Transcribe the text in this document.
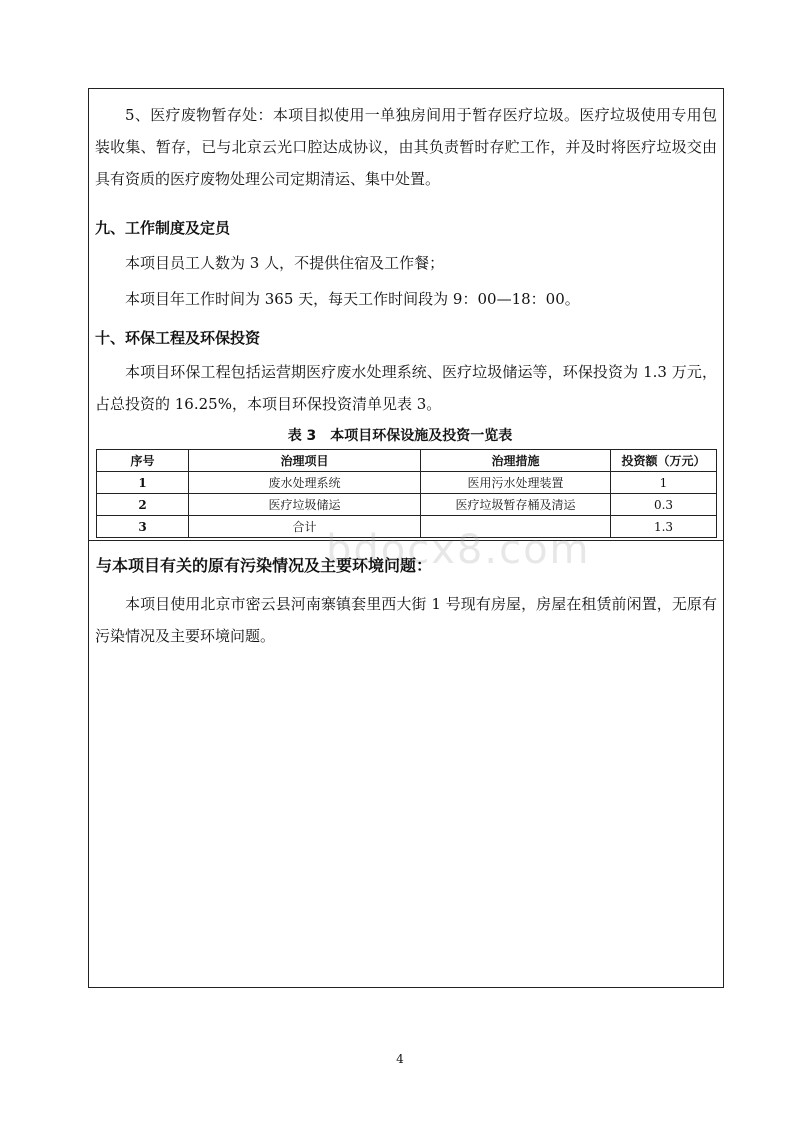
5、医疗废物暂存处：本项目拟使用一单独房间用于暂存医疗垃圾。医疗垃圾使用专用包装收集、暂存，已与北京云光口腔达成协议，由其负责暂时存贮工作，并及时将医疗垃圾交由具有资质的医疗废物处理公司定期清运、集中处置。

九、工作制度及定员

本项目员工人数为 3 人，不提供住宿及工作餐；

本项目年工作时间为 365 天，每天工作时间段为 9：00—18：00。

十、环保工程及环保投资

本项目环保工程包括运营期医疗废水处理系统、医疗垃圾储运等，环保投资为 1.3 万元，占总投资的 16.25%，本项目环保投资清单见表 3。

表 3　本项目环保设施及投资一览表
序号	治理项目	治理措施	投资额（万元）
1	废水处理系统	医用污水处理装置	1
2	医疗垃圾储运	医疗垃圾暂存桶及清运	0.3
3	合计		1.3
bdocx8.com

与本项目有关的原有污染情况及主要环境问题：

本项目使用北京市密云县河南寨镇套里西大街 1 号现有房屋，房屋在租赁前闲置，无原有污染情况及主要环境问题。

4
